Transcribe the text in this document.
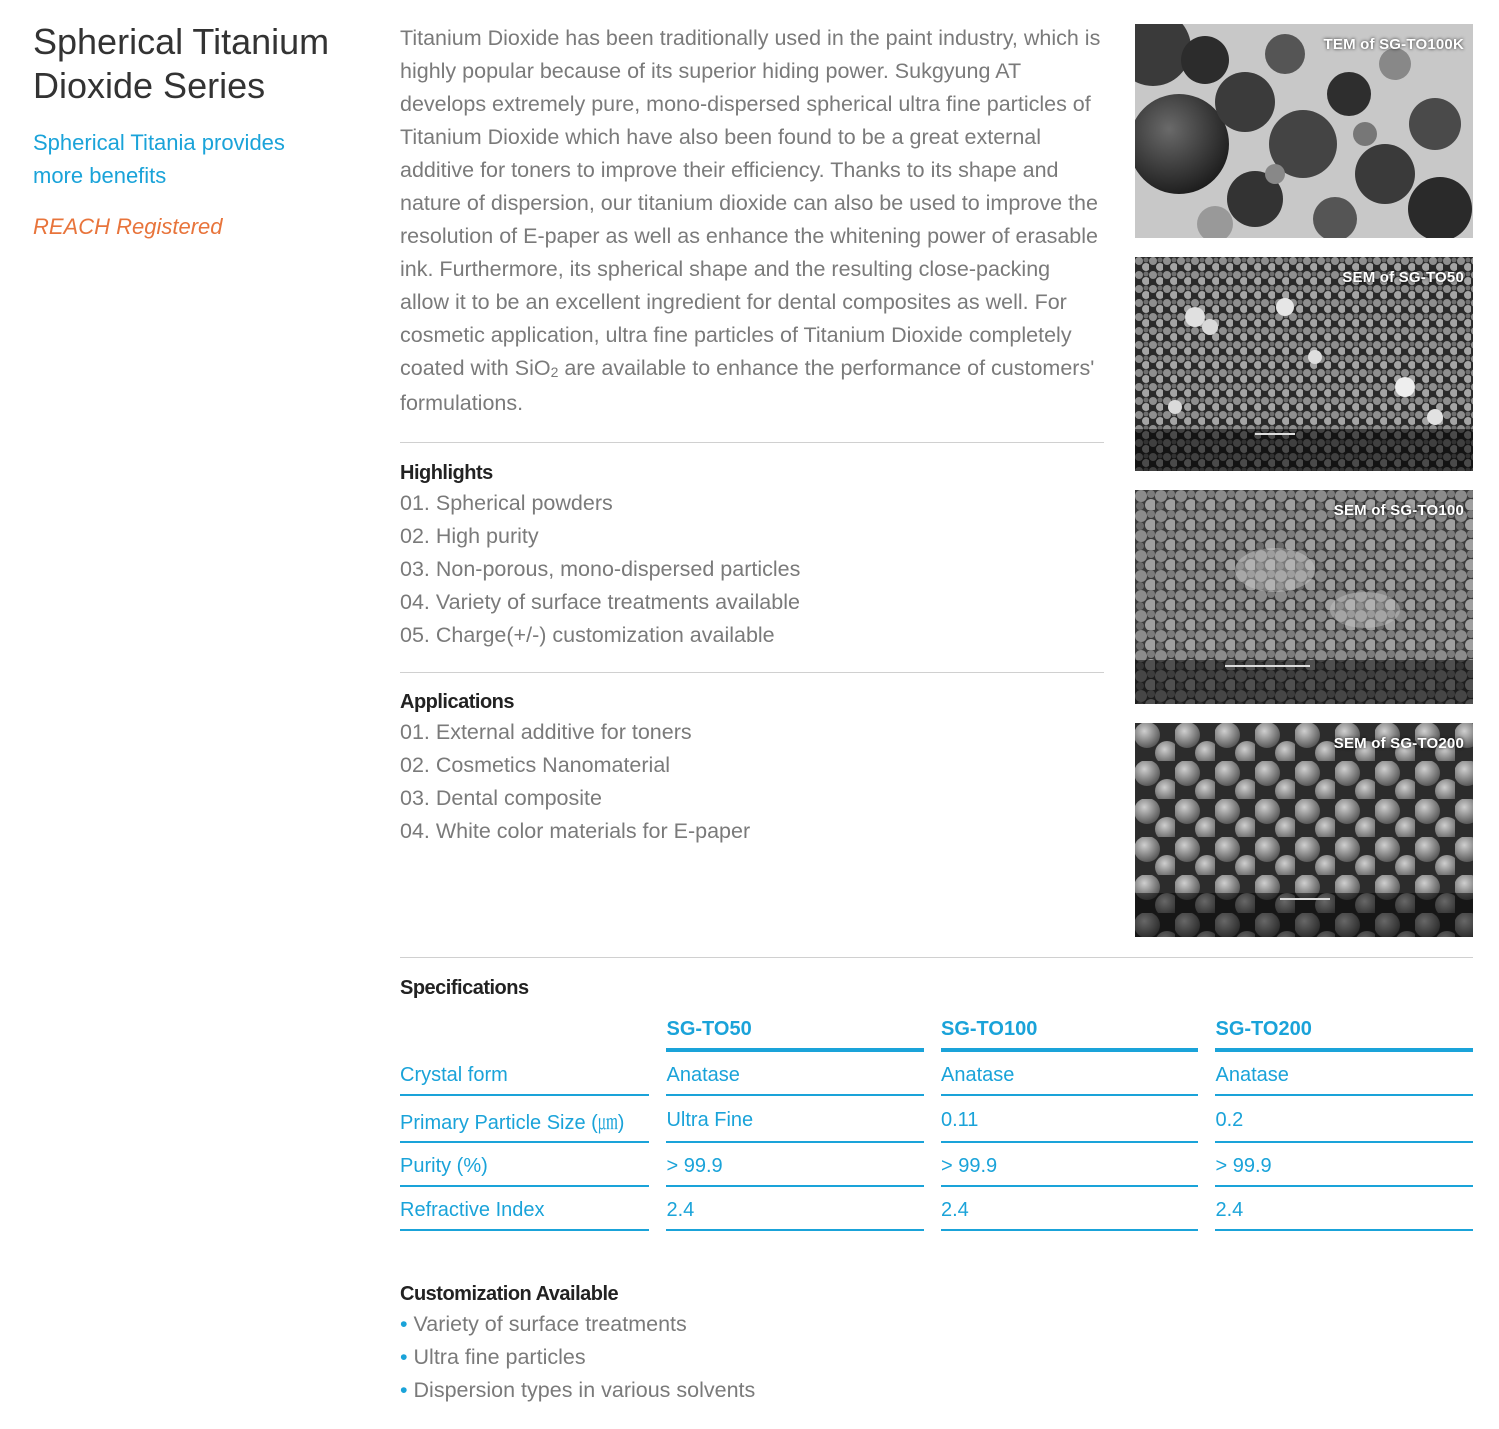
Spherical Titanium
Dioxide Series
Spherical Titania provides
more benefits
REACH Registered

Titanium Dioxide has been traditionally used in the paint industry, which is highly popular because of its superior hiding power. Sukgyung AT develops extremely pure, mono-dispersed spherical ultra fine particles of Titanium Dioxide which have also been found to be a great external additive for toners to improve their efficiency. Thanks to its shape and nature of dispersion, our titanium dioxide can also be used to improve the resolution of E-paper as well as enhance the whitening power of erasable ink. Furthermore, its spherical shape and the resulting close-packing allow it to be an excellent ingredient for dental composites as well. For cosmetic application, ultra fine particles of Titanium Dioxide completely coated with SiO$_2$ are available to enhance the performance of customers' formulations.

Highlights
01. Spherical powders
02. High purity
03. Non-porous, mono-dispersed particles
04. Variety of surface treatments available
05. Charge(+/-) customization available
Applications
01. External additive for toners
02. Cosmetics Nanomaterial
03. Dental composite
04. White color materials for E-paper
TEM of SG-TO100K
SEM of SG-TO50
SEM of SG-TO100
SEM of SG-TO200
Specifications
	SG-TO50	SG-TO100	SG-TO200
Crystal form	Anatase	Anatase	Anatase
Primary Particle Size (㎛)	Ultra Fine	0.11	0.2
Purity (%)	> 99.9	> 99.9	> 99.9
Refractive Index	2.4	2.4	2.4
Customization Available
• Variety of surface treatments
• Ultra fine particles
• Dispersion types in various solvents
